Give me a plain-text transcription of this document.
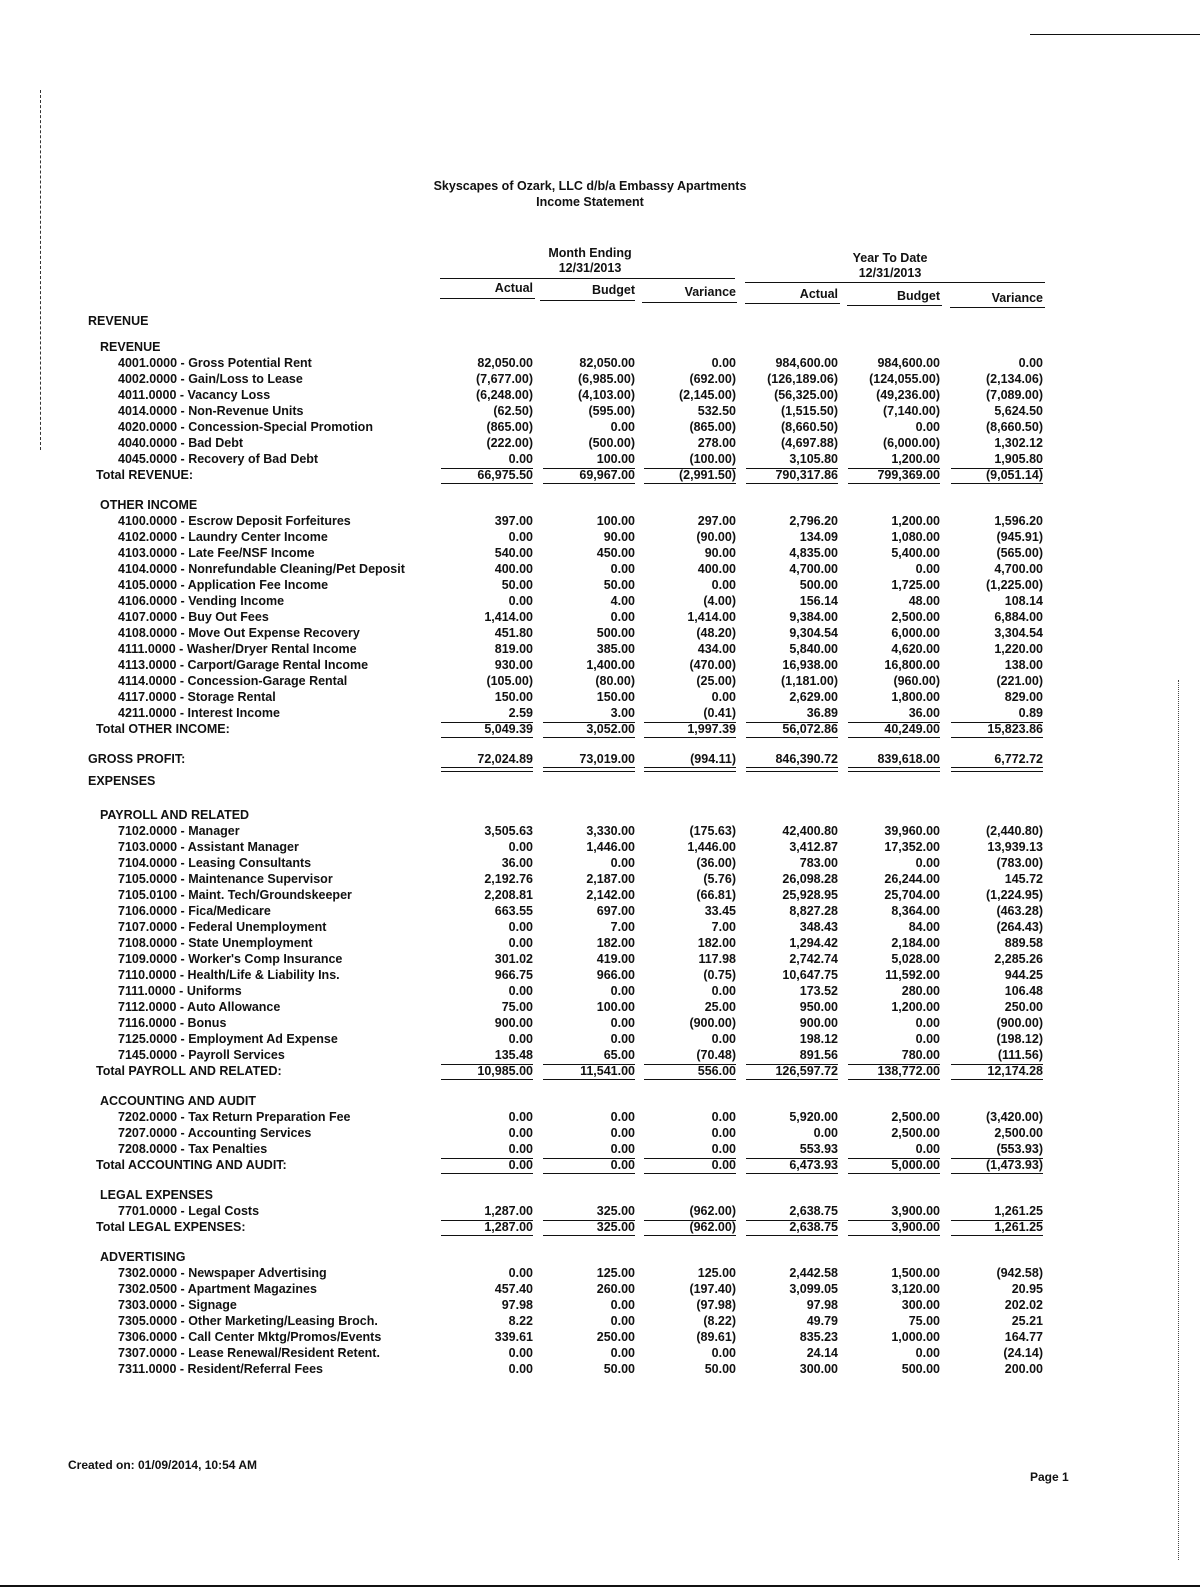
Skyscapes of Ozark, LLC d/b/a Embassy Apartments
Income Statement
Month Ending
12/31/2013
Year To Date
12/31/2013
Actual	Budget	Variance	Actual	Budget	Variance
REVENUE
REVENUE
4001.0000 - Gross Potential Rent	82,050.00	82,050.00	0.00	984,600.00	984,600.00	0.00
4002.0000 - Gain/Loss to Lease	(7,677.00)	(6,985.00)	(692.00)	(126,189.06)	(124,055.00)	(2,134.06)
4011.0000 - Vacancy Loss	(6,248.00)	(4,103.00)	(2,145.00)	(56,325.00)	(49,236.00)	(7,089.00)
4014.0000 - Non-Revenue Units	(62.50)	(595.00)	532.50	(1,515.50)	(7,140.00)	5,624.50
4020.0000 - Concession-Special Promotion	(865.00)	0.00	(865.00)	(8,660.50)	0.00	(8,660.50)
4040.0000 - Bad Debt	(222.00)	(500.00)	278.00	(4,697.88)	(6,000.00)	1,302.12
4045.0000 - Recovery of Bad Debt	0.00	100.00	(100.00)	3,105.80	1,200.00	1,905.80
Total REVENUE:	66,975.50	69,967.00	(2,991.50)	790,317.86	799,369.00	(9,051.14)
OTHER INCOME
4100.0000 - Escrow Deposit Forfeitures	397.00	100.00	297.00	2,796.20	1,200.00	1,596.20
4102.0000 - Laundry Center Income	0.00	90.00	(90.00)	134.09	1,080.00	(945.91)
4103.0000 - Late Fee/NSF Income	540.00	450.00	90.00	4,835.00	5,400.00	(565.00)
4104.0000 - Nonrefundable Cleaning/Pet Deposit	400.00	0.00	400.00	4,700.00	0.00	4,700.00
4105.0000 - Application Fee Income	50.00	50.00	0.00	500.00	1,725.00	(1,225.00)
4106.0000 - Vending Income	0.00	4.00	(4.00)	156.14	48.00	108.14
4107.0000 - Buy Out Fees	1,414.00	0.00	1,414.00	9,384.00	2,500.00	6,884.00
4108.0000 - Move Out Expense Recovery	451.80	500.00	(48.20)	9,304.54	6,000.00	3,304.54
4111.0000 - Washer/Dryer Rental Income	819.00	385.00	434.00	5,840.00	4,620.00	1,220.00
4113.0000 - Carport/Garage Rental Income	930.00	1,400.00	(470.00)	16,938.00	16,800.00	138.00
4114.0000 - Concession-Garage Rental	(105.00)	(80.00)	(25.00)	(1,181.00)	(960.00)	(221.00)
4117.0000 - Storage Rental	150.00	150.00	0.00	2,629.00	1,800.00	829.00
4211.0000 - Interest Income	2.59	3.00	(0.41)	36.89	36.00	0.89
Total OTHER INCOME:	5,049.39	3,052.00	1,997.39	56,072.86	40,249.00	15,823.86
GROSS PROFIT:	72,024.89	73,019.00	(994.11)	846,390.72	839,618.00	6,772.72
EXPENSES
PAYROLL AND RELATED
7102.0000 - Manager	3,505.63	3,330.00	(175.63)	42,400.80	39,960.00	(2,440.80)
7103.0000 - Assistant Manager	0.00	1,446.00	1,446.00	3,412.87	17,352.00	13,939.13
7104.0000 - Leasing Consultants	36.00	0.00	(36.00)	783.00	0.00	(783.00)
7105.0000 - Maintenance Supervisor	2,192.76	2,187.00	(5.76)	26,098.28	26,244.00	145.72
7105.0100 - Maint. Tech/Groundskeeper	2,208.81	2,142.00	(66.81)	25,928.95	25,704.00	(1,224.95)
7106.0000 - Fica/Medicare	663.55	697.00	33.45	8,827.28	8,364.00	(463.28)
7107.0000 - Federal Unemployment	0.00	7.00	7.00	348.43	84.00	(264.43)
7108.0000 - State Unemployment	0.00	182.00	182.00	1,294.42	2,184.00	889.58
7109.0000 - Worker's Comp Insurance	301.02	419.00	117.98	2,742.74	5,028.00	2,285.26
7110.0000 - Health/Life & Liability Ins.	966.75	966.00	(0.75)	10,647.75	11,592.00	944.25
7111.0000 - Uniforms	0.00	0.00	0.00	173.52	280.00	106.48
7112.0000 - Auto Allowance	75.00	100.00	25.00	950.00	1,200.00	250.00
7116.0000 - Bonus	900.00	0.00	(900.00)	900.00	0.00	(900.00)
7125.0000 - Employment Ad Expense	0.00	0.00	0.00	198.12	0.00	(198.12)
7145.0000 - Payroll Services	135.48	65.00	(70.48)	891.56	780.00	(111.56)
Total PAYROLL AND RELATED:	10,985.00	11,541.00	556.00	126,597.72	138,772.00	12,174.28
ACCOUNTING AND AUDIT
7202.0000 - Tax Return Preparation Fee	0.00	0.00	0.00	5,920.00	2,500.00	(3,420.00)
7207.0000 - Accounting Services	0.00	0.00	0.00	0.00	2,500.00	2,500.00
7208.0000 - Tax Penalties	0.00	0.00	0.00	553.93	0.00	(553.93)
Total ACCOUNTING AND AUDIT:	0.00	0.00	0.00	6,473.93	5,000.00	(1,473.93)
LEGAL EXPENSES
7701.0000 - Legal Costs	1,287.00	325.00	(962.00)	2,638.75	3,900.00	1,261.25
Total LEGAL EXPENSES:	1,287.00	325.00	(962.00)	2,638.75	3,900.00	1,261.25
ADVERTISING
7302.0000 - Newspaper Advertising	0.00	125.00	125.00	2,442.58	1,500.00	(942.58)
7302.0500 - Apartment Magazines	457.40	260.00	(197.40)	3,099.05	3,120.00	20.95
7303.0000 - Signage	97.98	0.00	(97.98)	97.98	300.00	202.02
7305.0000 - Other Marketing/Leasing Broch.	8.22	0.00	(8.22)	49.79	75.00	25.21
7306.0000 - Call Center Mktg/Promos/Events	339.61	250.00	(89.61)	835.23	1,000.00	164.77
7307.0000 - Lease Renewal/Resident Retent.	0.00	0.00	0.00	24.14	0.00	(24.14)
7311.0000 - Resident/Referral Fees	0.00	50.00	50.00	300.00	500.00	200.00
Created on: 01/09/2014, 10:54 AM
Page 1
